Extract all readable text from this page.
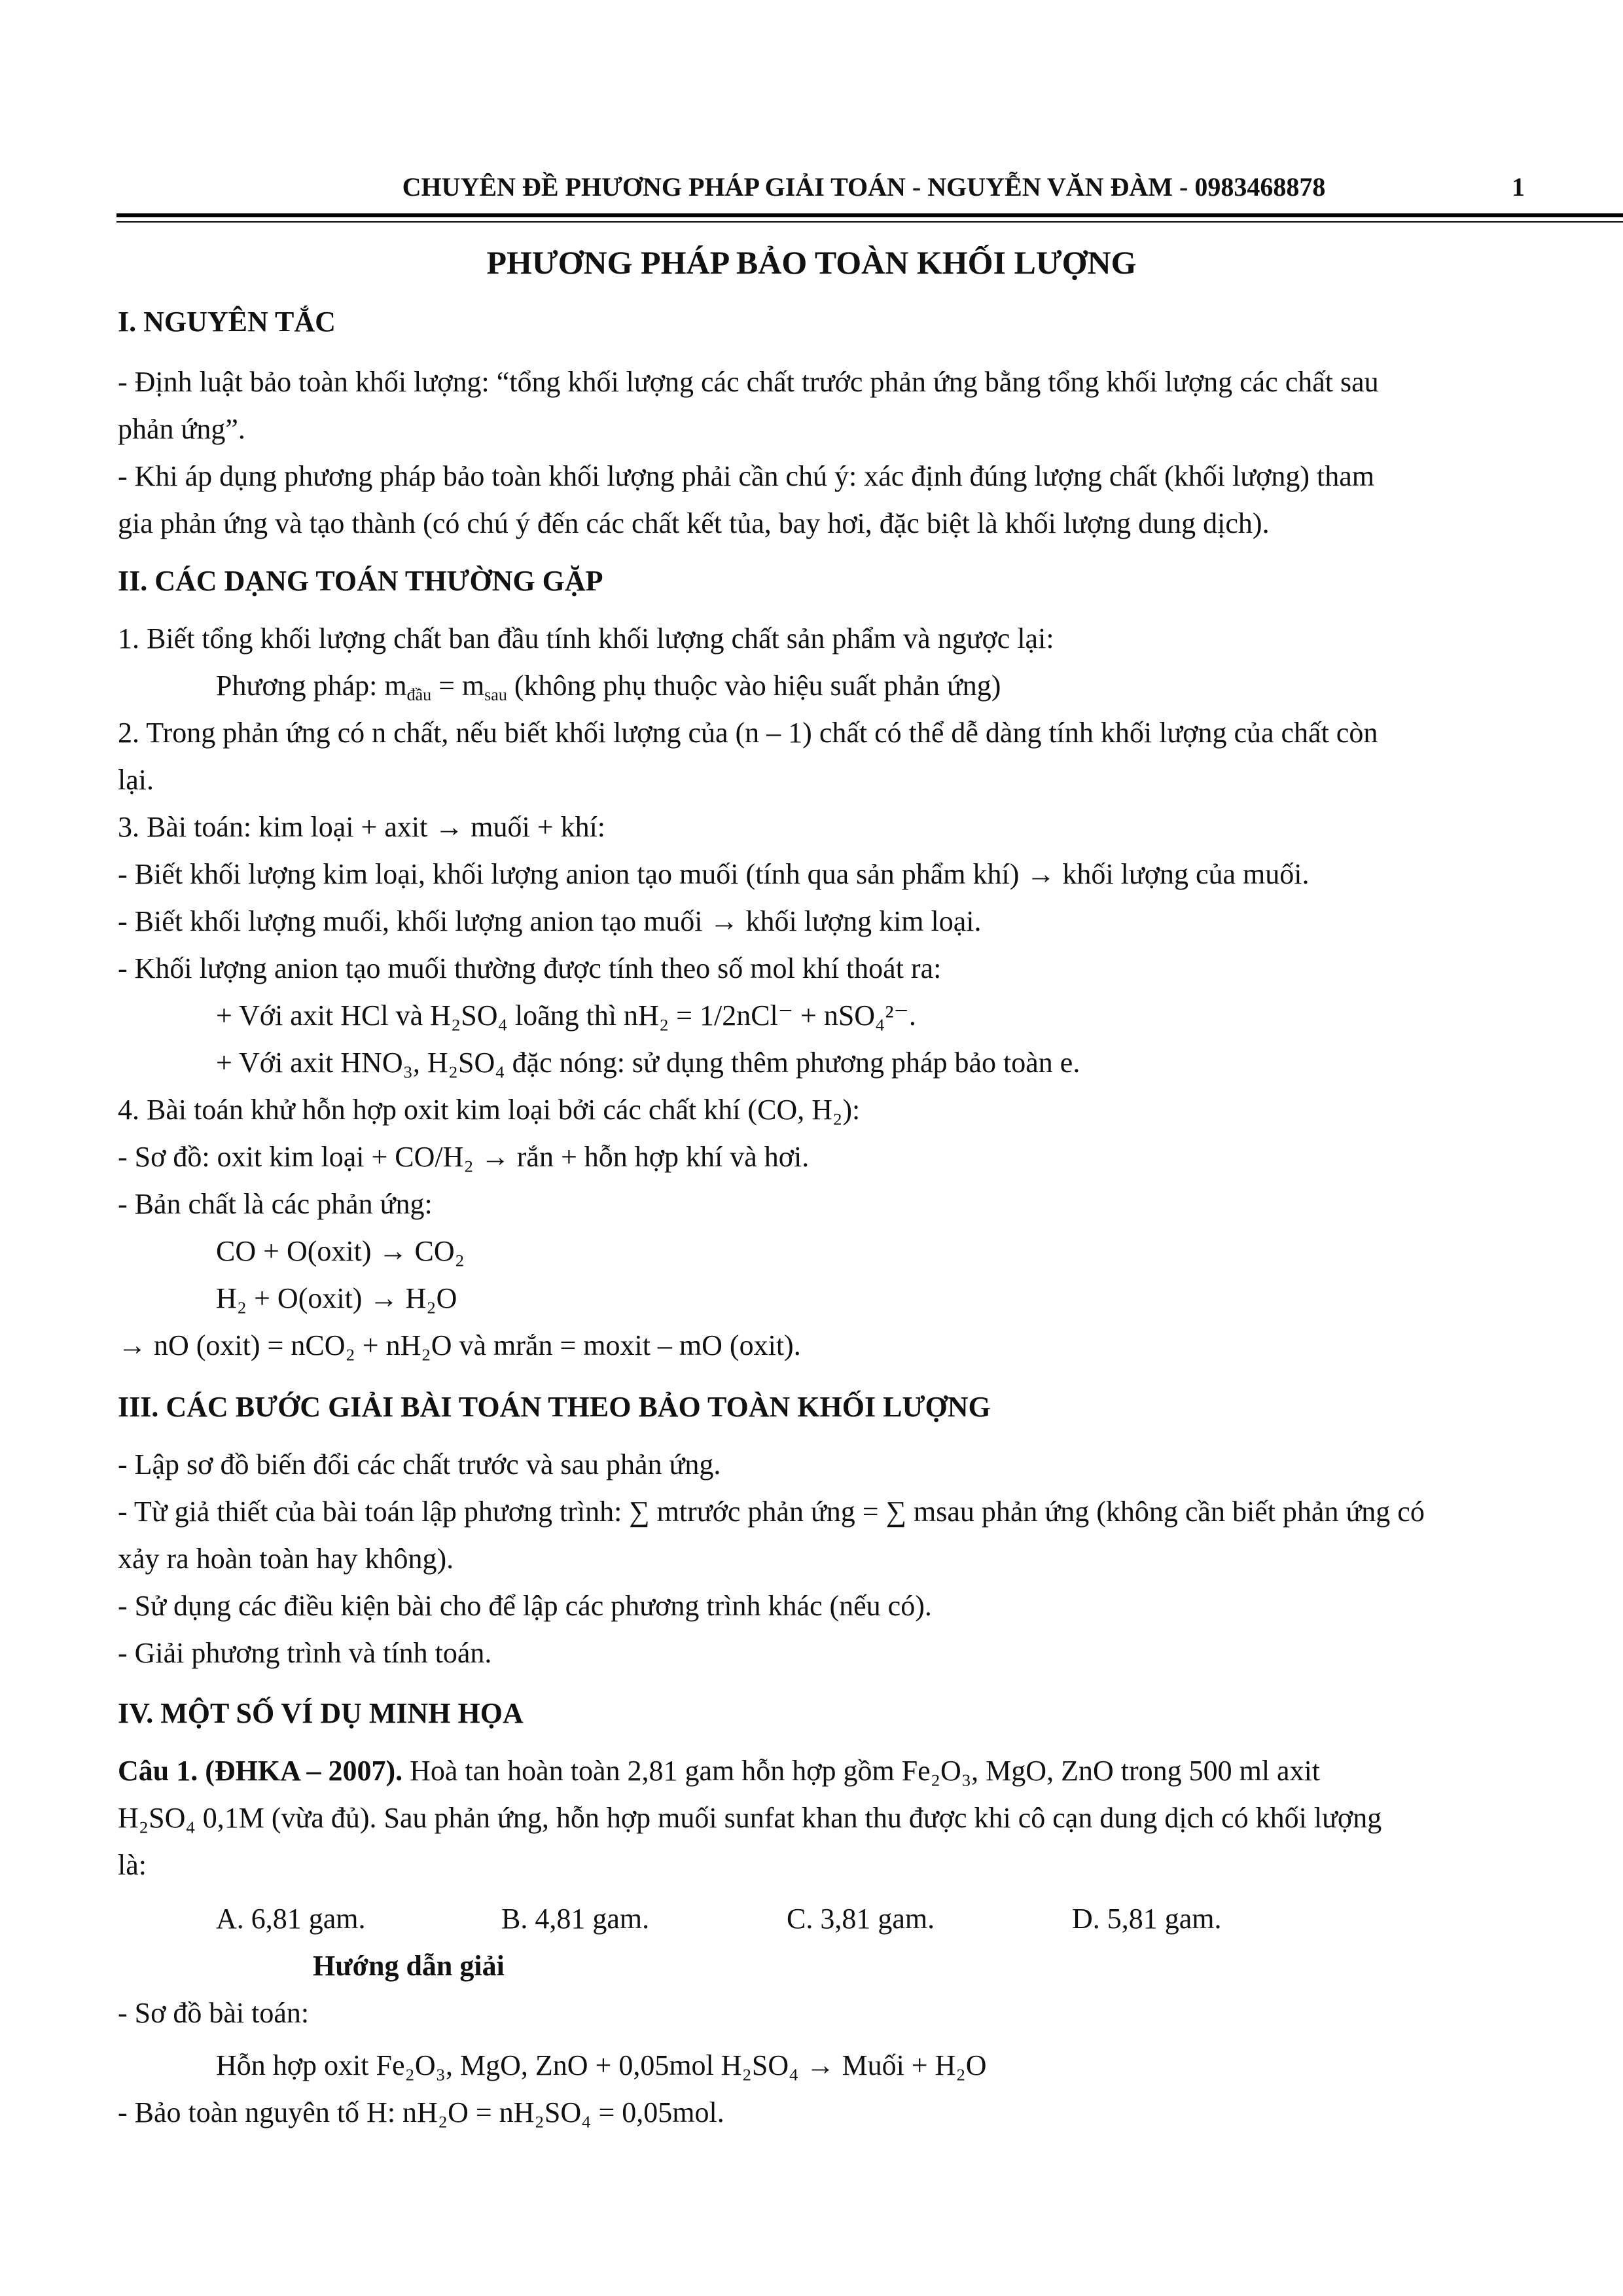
CHUYÊN ĐỀ PHƯƠNG PHÁP GIẢI TOÁN - NGUYỄN VĂN ĐÀM - 0983468878	1
PHƯƠNG PHÁP BẢO TOÀN KHỐI LƯỢNG
I. NGUYÊN TẮC
- Định luật bảo toàn khối lượng: “tổng khối lượng các chất trước phản ứng bằng tổng khối lượng các chất sau
phản ứng”.
- Khi áp dụng phương pháp bảo toàn khối lượng phải cần chú ý: xác định đúng lượng chất (khối lượng) tham
gia phản ứng và tạo thành (có chú ý đến các chất kết tủa, bay hơi, đặc biệt là khối lượng dung dịch).
II. CÁC DẠNG TOÁN THƯỜNG GẶP
1. Biết tổng khối lượng chất ban đầu tính khối lượng chất sản phẩm và ngược lại:
Phương pháp: $m_{đầu} = m_{sau}$ (không phụ thuộc vào hiệu suất phản ứng)
2. Trong phản ứng có n chất, nếu biết khối lượng của (n – 1) chất có thể dễ dàng tính khối lượng của chất còn
lại.
3. Bài toán: kim loại + axit → muối + khí:
- Biết khối lượng kim loại, khối lượng anion tạo muối (tính qua sản phẩm khí) → khối lượng của muối.
- Biết khối lượng muối, khối lượng anion tạo muối → khối lượng kim loại.
- Khối lượng anion tạo muối thường được tính theo số mol khí thoát ra:
+ Với axit HCl và H₂SO₄ loãng thì nH₂ = 1/2nCl⁻ + nSO₄²⁻.
+ Với axit HNO₃, H₂SO₄ đặc nóng: sử dụng thêm phương pháp bảo toàn e.
4. Bài toán khử hỗn hợp oxit kim loại bởi các chất khí (CO, H₂):
- Sơ đồ: oxit kim loại + CO/H₂ → rắn + hỗn hợp khí và hơi.
- Bản chất là các phản ứng:
CO + O(oxit) → CO₂
H₂ + O(oxit) → H₂O
→ nO (oxit) = nCO₂ + nH₂O và mrắn = moxit – mO (oxit).
III. CÁC BƯỚC GIẢI BÀI TOÁN THEO BẢO TOÀN KHỐI LƯỢNG
- Lập sơ đồ biến đổi các chất trước và sau phản ứng.
- Từ giả thiết của bài toán lập phương trình: ∑ mtrước phản ứng = ∑ msau phản ứng (không cần biết phản ứng có
xảy ra hoàn toàn hay không).
- Sử dụng các điều kiện bài cho để lập các phương trình khác (nếu có).
- Giải phương trình và tính toán.
IV. MỘT SỐ VÍ DỤ MINH HỌA
Câu 1. (ĐHKA – 2007). Hoà tan hoàn toàn 2,81 gam hỗn hợp gồm Fe₂O₃, MgO, ZnO trong 500 ml axit
H₂SO₄ 0,1M (vừa đủ). Sau phản ứng, hỗn hợp muối sunfat khan thu được khi cô cạn dung dịch có khối lượng
là:
A. 6,81 gam.	B. 4,81 gam.	C. 3,81 gam.	D. 5,81 gam.
Hướng dẫn giải
- Sơ đồ bài toán:
Hỗn hợp oxit Fe₂O₃, MgO, ZnO + 0,05mol H₂SO₄ → Muối + H₂O
- Bảo toàn nguyên tố H: nH₂O = nH₂SO₄ = 0,05mol.
